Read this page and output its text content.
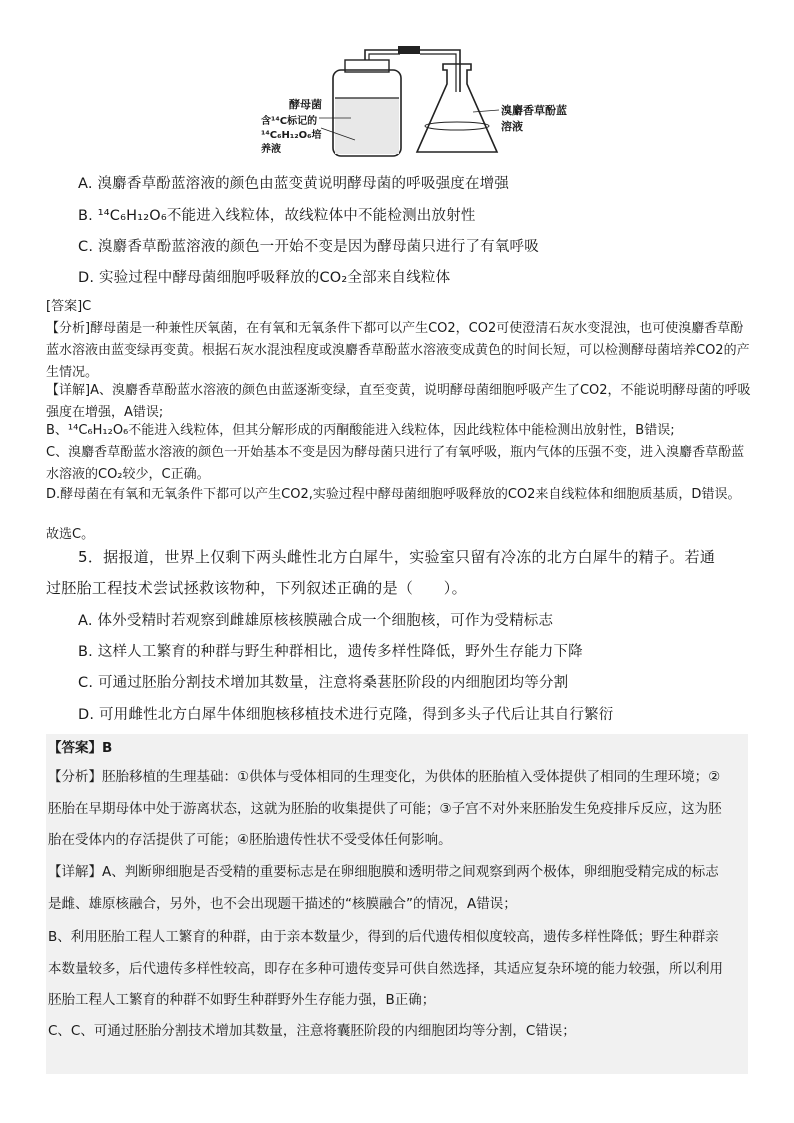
酵母菌
含¹⁴C标记的
¹⁴C₆H₁₂O₆培
养液
溴麝香草酚蓝溶液
A. 溴麝香草酚蓝溶液的颜色由蓝变黄说明酵母菌的呼吸强度在增强
B. ¹⁴C₆H₁₂O₆不能进入线粒体，故线粒体中不能检测出放射性
C. 溴麝香草酚蓝溶液的颜色一开始不变是因为酵母菌只进行了有氧呼吸
D. 实验过程中酵母菌细胞呼吸释放的CO₂全部来自线粒体
[答案]C
【分析]酵母菌是一种兼性厌氧菌，在有氧和无氧条件下都可以产生CO2，CO2可使澄清石灰水变混浊，也可使溴麝香草酚蓝水溶液由蓝变绿再变黄。根据石灰水混浊程度或溴麝香草酚蓝水溶液变成黄色的时间长短，可以检测酵母菌培养CO2的产生情况。
【详解]A、溴麝香草酚蓝水溶液的颜色由蓝逐渐变绿，直至变黄，说明酵母菌细胞呼吸产生了CO2，不能说明酵母菌的呼吸强度在增强，A错误;
B、¹⁴C₆H₁₂O₆不能进入线粒体，但其分解形成的丙酮酸能进入线粒体，因此线粒体中能检测出放射性，B错误;
C、溴麝香草酚蓝水溶液的颜色一开始基本不变是因为酵母菌只进行了有氧呼吸，瓶内气体的压强不变，进入溴麝香草酚蓝水溶液的CO₂较少，C正确。
D.酵母菌在有氧和无氧条件下都可以产生CO2,实验过程中酵母菌细胞呼吸释放的CO2来自线粒体和细胞质基质，D错误。
故选C。
5．据报道，世界上仅剩下两头雌性北方白犀牛，实验室只留有冷冻的北方白犀牛的精子。若通
过胚胎工程技术尝试拯救该物种，下列叙述正确的是（　　）。
A. 体外受精时若观察到雌雄原核核膜融合成一个细胞核，可作为受精标志
B. 这样人工繁育的种群与野生种群相比，遗传多样性降低，野外生存能力下降
C. 可通过胚胎分割技术增加其数量，注意将桑葚胚阶段的内细胞团均等分割
D. 可用雌性北方白犀牛体细胞核移植技术进行克隆，得到多头子代后让其自行繁衍
【答案】B
【分析】胚胎移植的生理基础：①供体与受体相同的生理变化，为供体的胚胎植入受体提供了相同的生理环境；②
胚胎在早期母体中处于游离状态，这就为胚胎的收集提供了可能；③子宫不对外来胚胎发生免疫排斥反应，这为胚
胎在受体内的存活提供了可能；④胚胎遗传性状不受受体任何影响。
【详解】A、判断卵细胞是否受精的重要标志是在卵细胞膜和透明带之间观察到两个极体，卵细胞受精完成的标志
是雌、雄原核融合，另外，也不会出现题干描述的“核膜融合”的情况，A错误；
B、利用胚胎工程人工繁育的种群，由于亲本数量少，得到的后代遗传相似度较高，遗传多样性降低；野生种群亲
本数量较多，后代遗传多样性较高，即存在多种可遗传变异可供自然选择，其适应复杂环境的能力较强，所以利用
胚胎工程人工繁育的种群不如野生种群野外生存能力强，B正确；
C、C、可通过胚胎分割技术增加其数量，注意将囊胚阶段的内细胞团均等分割，C错误；
